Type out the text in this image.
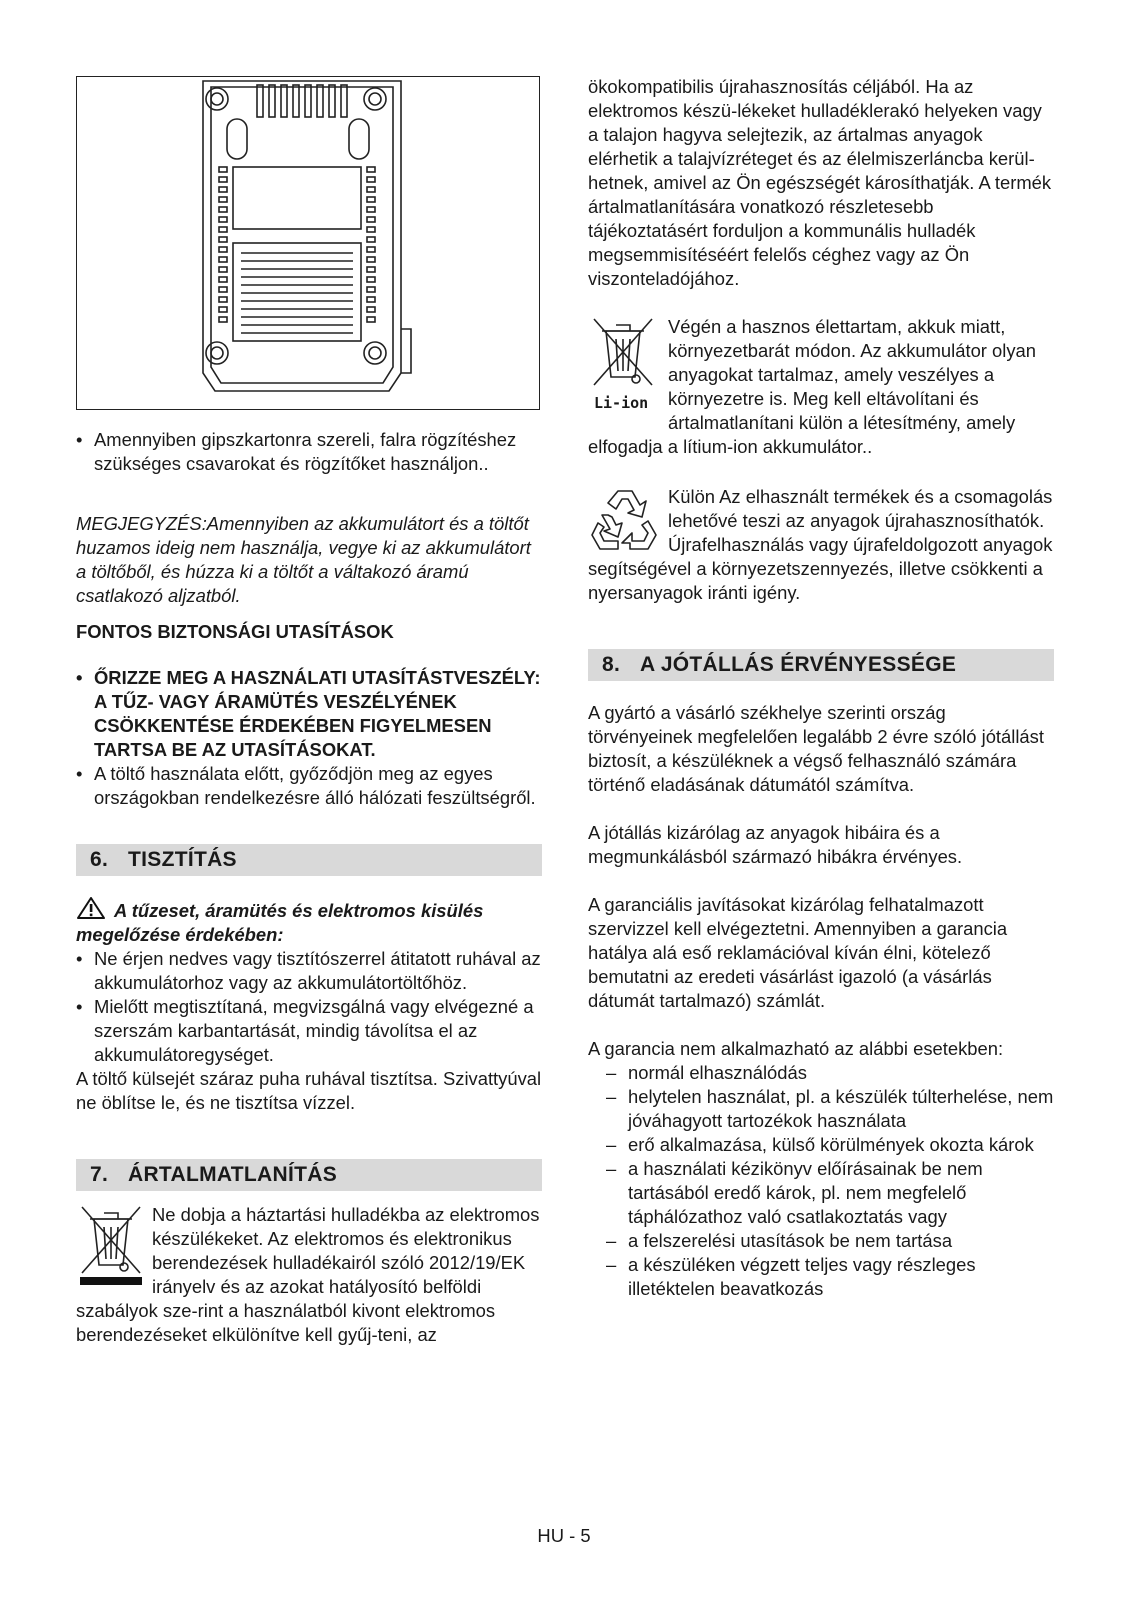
• Amennyiben gipszkartonra szereli, falra rögzítéshez szükséges csavarokat és rögzítőket használjon..

MEGJEGYZÉS:Amennyiben az akkumulátort és a töltőt huzamos ideig nem használja, vegye ki az akkumulátort a töltőből, és húzza ki a töltőt a váltakozó áramú csatlakozó aljzatból.

FONTOS BIZTONSÁGI UTASÍTÁSOK

• ŐRIZZE MEG A HASZNÁLATI UTASÍTÁSTVESZÉLY: A TŰZ- VAGY ÁRAMÜTÉS VESZÉLYÉNEK CSÖKKENTÉSE ÉRDEKÉBEN FIGYELMESEN TARTSA BE AZ UTASÍTÁSOKAT.
• A töltő használata előtt, győződjön meg az egyes országokban rendelkezésre álló hálózati feszültségről.
6. TISZTÍTÁS

A tűzeset, áramütés és elektromos kisülés megelőzése érdekében:

• Ne érjen nedves vagy tisztítószerrel átitatott ruhával az akkumulátorhoz vagy az akkumulátortöltőhöz.
• Mielőtt megtisztítaná, megvizsgálná vagy elvégezné a szerszám karbantartását, mindig távolítsa el az akkumulátoregységet.

A töltő külsejét száraz puha ruhával tisztítsa. Szivattyúval ne öblítse le, és ne tisztítsa vízzel.

7. ÁRTALMATLANÍTÁS
Ne dobja a háztartási hulladékba az elektromos készülékeket. Az elektromos és elektronikus berendezések hulladékairól szóló 2012/19/EK irányelv és az azokat hatályosító belföldi szabályok sze-rint a használatból kivont elektromos berendezéseket elkülönítve kell gyűj-teni, az

ökokompatibilis újrahasznosítás céljából. Ha az elektromos készü-lékeket hulladéklerakó helyeken vagy a talajon hagyva selejtezik, az ártalmas anyagok elérhetik a talajvízréteget és az élelmiszerláncba kerül-hetnek, amivel az Ön egészségét károsíthatják. A termék ártalmatlanítására vonatkozó részletesebb tájékoztatásért forduljon a kommunális hulladék megsemmisítéséért felelős céghez vagy az Ön viszonteladójához.

Li-ion
Végén a hasznos élettartam, akkuk miatt, környezetbarát módon. Az akkumulátor olyan anyagokat tartalmaz, amely veszélyes a környezetre is. Meg kell eltávolítani és ártalmatlanítani külön a létesítmény, amely elfogadja a lítium-ion akkumulátor..
Külön Az elhasznált termékek és a csomagolás lehetővé teszi az anyagok újrahasznosíthatók. Újrafelhasználás vagy újrafeldolgozott anyagok segítségével a környezetszennyezés, illetve csökkenti a nyersanyagok iránti igény.
8. A JÓTÁLLÁS ÉRVÉNYESSÉGE

A gyártó a vásárló székhelye szerinti ország törvényeinek megfelelően legalább 2 évre szóló jótállást biztosít, a készüléknek a végső felhasználó számára történő eladásának dátumától számítva.

A jótállás kizárólag az anyagok hibáira és a megmunkálásból származó hibákra érvényes.

A garanciális javításokat kizárólag felhatalmazott szervizzel kell elvégeztetni. Amennyiben a garancia hatálya alá eső reklamációval kíván élni, kötelező bemutatni az eredeti vásárlást igazoló (a vásárlás dátumát tartalmazó) számlát.

A garancia nem alkalmazható az alábbi esetekben:

– normál elhasználódás
– helytelen használat, pl. a készülék túlterhelése, nem jóváhagyott tartozékok használata
– erő alkalmazása, külső körülmények okozta károk
– a használati kézikönyv előírásainak be nem tartásából eredő károk, pl. nem megfelelő táphálózathoz való csatlakoztatás vagy
– a felszerelési utasítások be nem tartása
– a készüléken végzett teljes vagy részleges illetéktelen beavatkozás
HU - 5
